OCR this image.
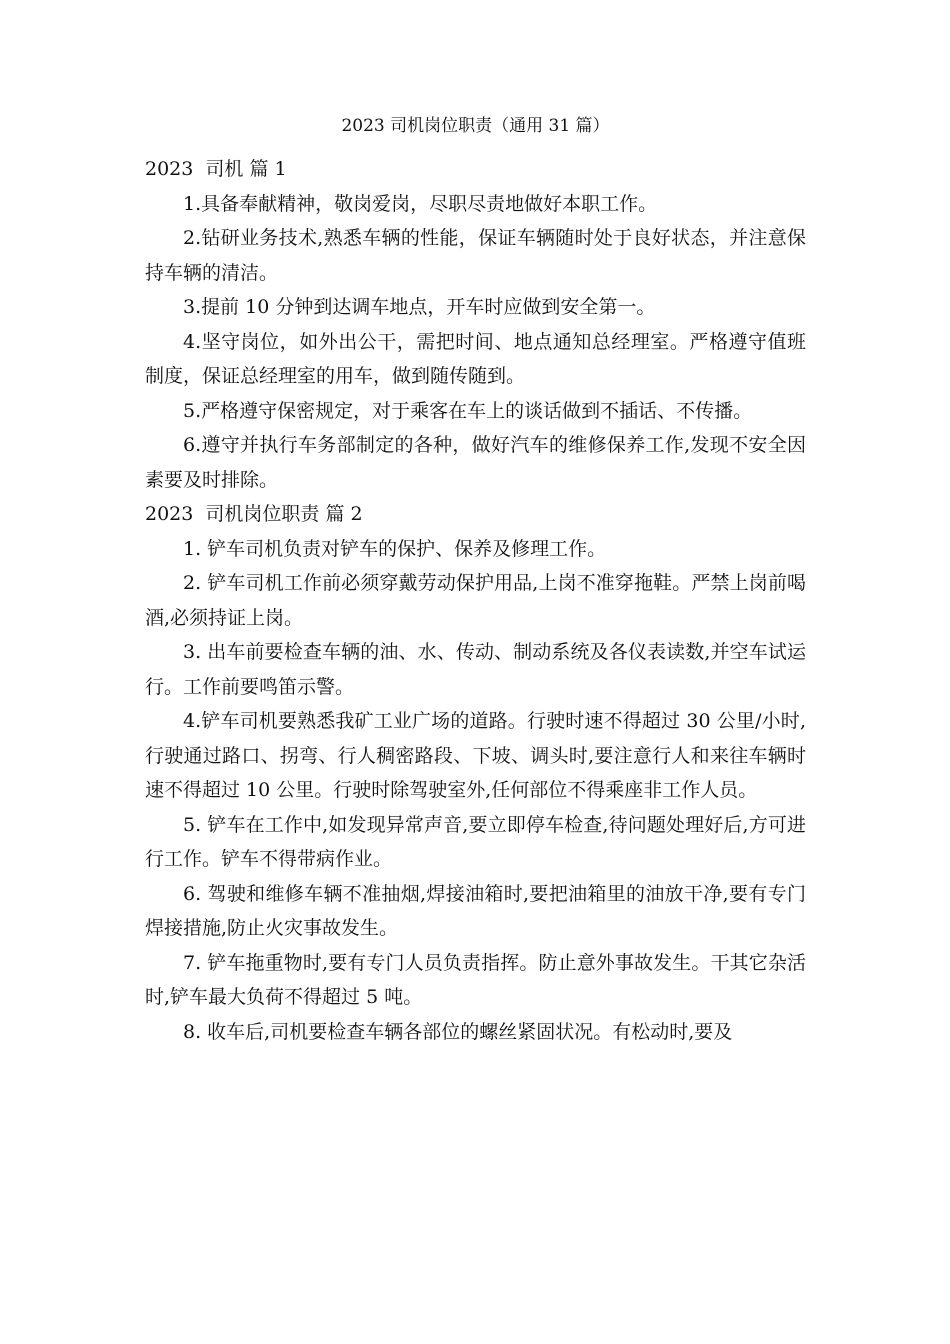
2023 司机岗位职责（通用 31 篇）
2023  司机 篇 1

1.具备奉献精神，敬岗爱岗，尽职尽责地做好本职工作。

2.钻研业务技术,熟悉车辆的性能，保证车辆随时处于良好状态，并注意保持车辆的清洁。

3.提前 10 分钟到达调车地点，开车时应做到安全第一。

4.坚守岗位，如外出公干，需把时间、地点通知总经理室。严格遵守值班制度，保证总经理室的用车，做到随传随到。

5.严格遵守保密规定，对于乘客在车上的谈话做到不插话、不传播。

6.遵守并执行车务部制定的各种，做好汽车的维修保养工作,发现不安全因素要及时排除。

2023  司机岗位职责 篇 2

1. 铲车司机负责对铲车的保护、保养及修理工作。

2. 铲车司机工作前必须穿戴劳动保护用品,上岗不准穿拖鞋。严禁上岗前喝酒,必须持证上岗。

3. 出车前要检查车辆的油、水、传动、制动系统及各仪表读数,并空车试运行。工作前要鸣笛示警。

4.铲车司机要熟悉我矿工业广场的道路。行驶时速不得超过 30 公里/小时,行驶通过路口、拐弯、行人稠密路段、下坡、调头时,要注意行人和来往车辆时速不得超过 10 公里。行驶时除驾驶室外,任何部位不得乘座非工作人员。

5. 铲车在工作中,如发现异常声音,要立即停车检查,待问题处理好后,方可进行工作。铲车不得带病作业。

6. 驾驶和维修车辆不准抽烟,焊接油箱时,要把油箱里的油放干净,要有专门焊接措施,防止火灾事故发生。

7. 铲车拖重物时,要有专门人员负责指挥。防止意外事故发生。干其它杂活时,铲车最大负荷不得超过 5 吨。

8. 收车后,司机要检查车辆各部位的螺丝紧固状况。有松动时,要及
